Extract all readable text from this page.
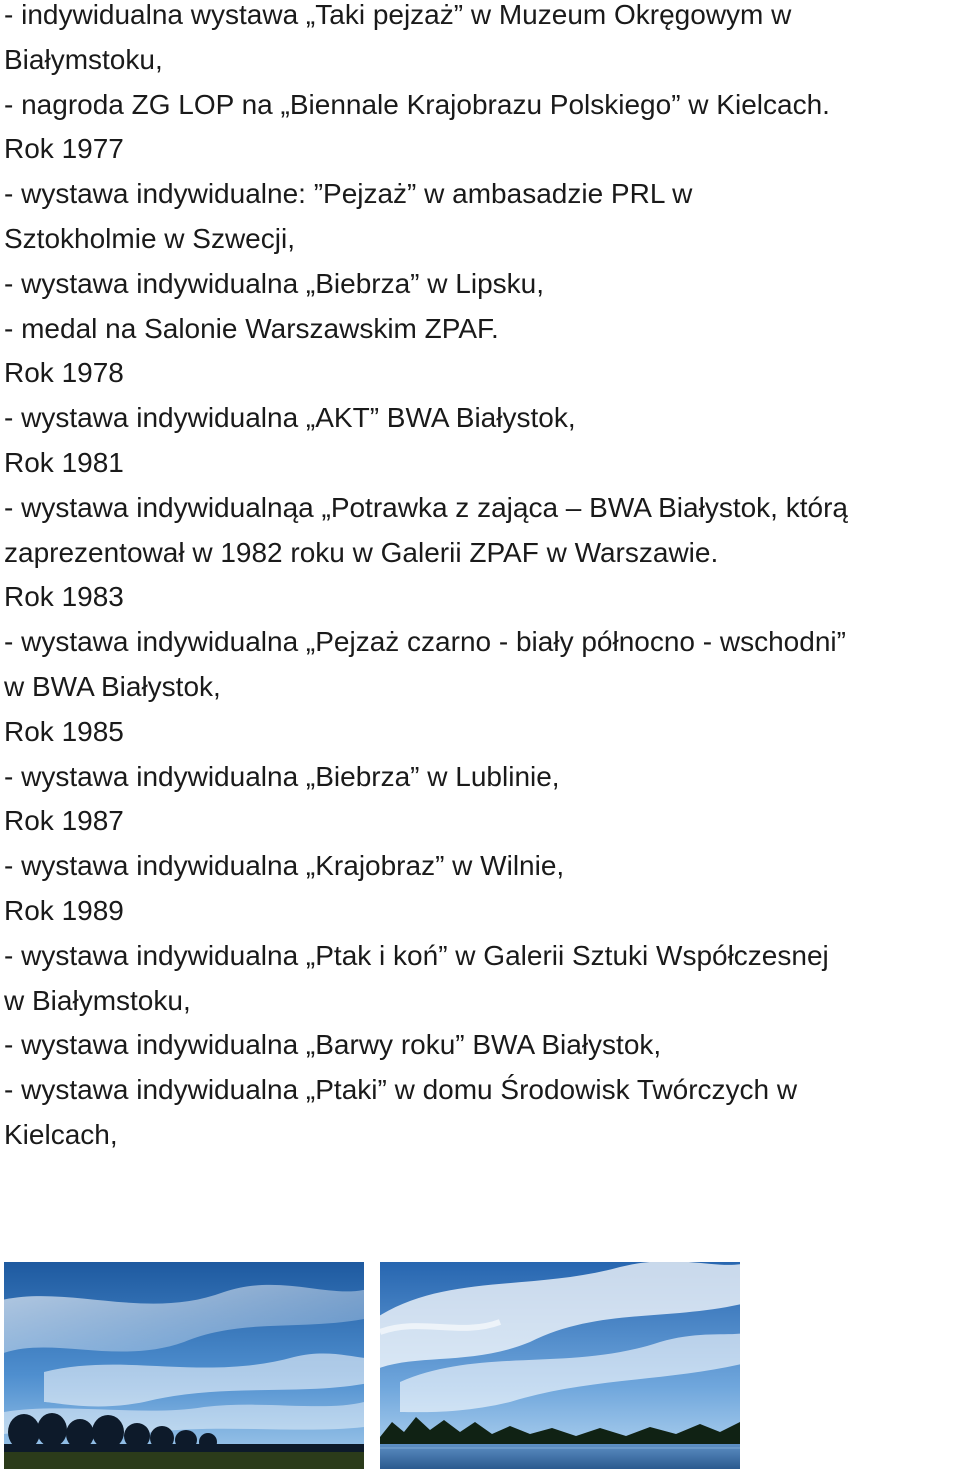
- indywidualna wystawa „Taki pejzaż” w Muzeum Okręgowym w
Białymstoku,
- nagroda ZG LOP na „Biennale Krajobrazu Polskiego” w Kielcach.
Rok 1977
- wystawa indywidualne: ”Pejzaż” w ambasadzie PRL w
Sztokholmie w Szwecji,
- wystawa indywidualna „Biebrza” w Lipsku,
- medal na Salonie Warszawskim ZPAF.
Rok 1978
- wystawa indywidualna „AKT” BWA Białystok,
Rok 1981
- wystawa indywidualnąa „Potrawka z zająca – BWA Białystok, którą
zaprezentował w 1982 roku w Galerii ZPAF w Warszawie.
Rok 1983
- wystawa indywidualna „Pejzaż czarno - biały północno - wschodni”
w BWA Białystok,
Rok 1985
- wystawa indywidualna „Biebrza” w Lublinie,
Rok 1987
- wystawa indywidualna „Krajobraz” w Wilnie,
Rok 1989
- wystawa indywidualna „Ptak i koń” w Galerii Sztuki Współczesnej
w Białymstoku,
- wystawa indywidualna „Barwy roku” BWA Białystok,
- wystawa indywidualna „Ptaki” w domu Środowisk Twórczych w
Kielcach,
